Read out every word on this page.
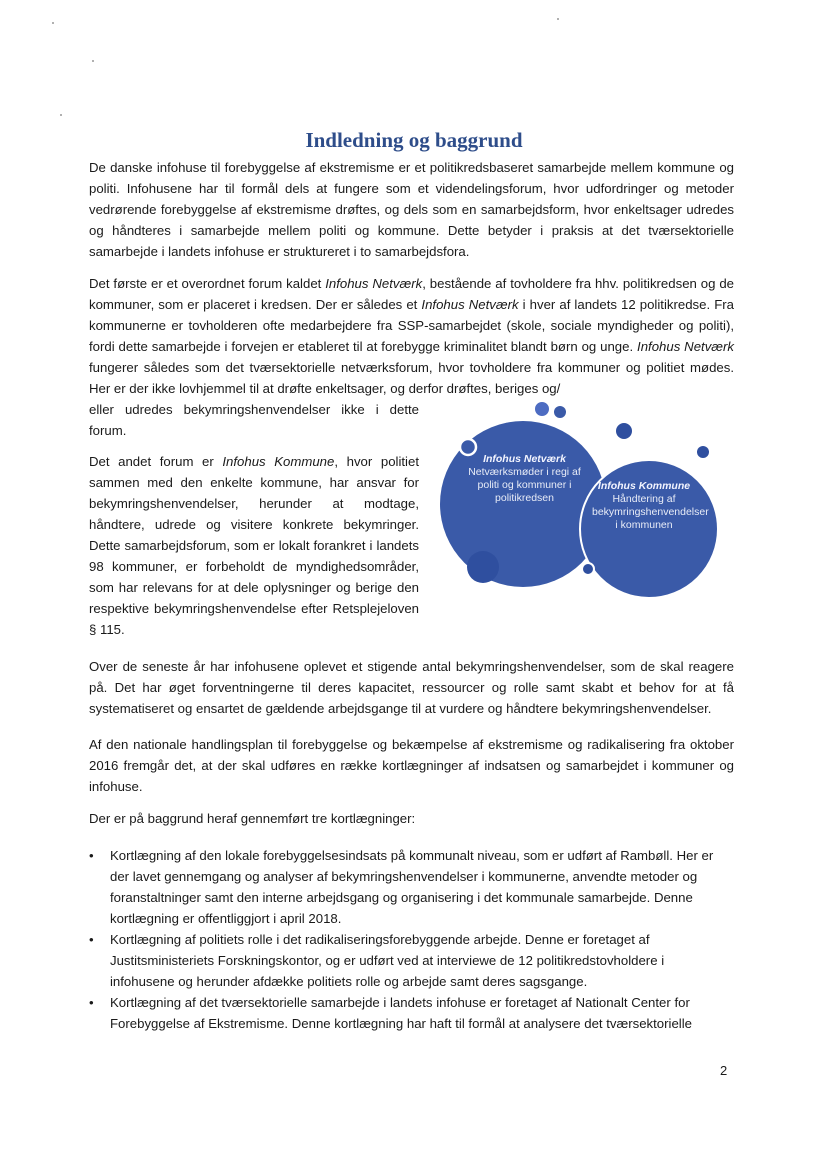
Indledning og baggrund

De danske infohuse til forebyggelse af ekstremisme er et politikredsbaseret samarbejde mellem kommune og politi. Infohusene har til formål dels at fungere som et videndelingsforum, hvor udfordringer og metoder vedrørende forebyggelse af ekstremisme drøftes, og dels som en samarbejdsform, hvor enkeltsager udredes og håndteres i samarbejde mellem politi og kommune. Dette betyder i praksis at det tværsektorielle samarbejde i landets infohuse er struktureret i to samarbejdsfora.

Det første er et overordnet forum kaldet Infohus Netværk, bestående af tovholdere fra hhv. politikredsen og de kommuner, som er placeret i kredsen. Der er således et Infohus Netværk i hver af landets 12 politikredse. Fra kommunerne er tovholderen ofte medarbejdere fra SSP-samarbejdet (skole, sociale myndigheder og politi), fordi dette samarbejde i forvejen er etableret til at forebygge kriminalitet blandt børn og unge. Infohus Netværk fungerer således som det tværsektorielle netværksforum, hvor tovholdere fra kommuner og politiet mødes. Her er der ikke lovhjemmel til at drøfte enkeltsager, og derfor drøftes, beriges og/

eller udredes bekymringshenvendelser ikke i dette forum.

Det andet forum er Infohus Kommune, hvor politiet sammen med den enkelte kommune, har ansvar for bekymringshenvendelser, herunder at modtage, håndtere, udrede og visitere konkrete bekymringer. Dette samarbejdsforum, som er lokalt forankret i landets 98 kommuner, er forbeholdt de myndighedsområder, som har relevans for at dele oplysninger og berige den respektive bekymringshenvendelse efter Retsplejeloven § 115.

Infohus Netværk
Netværksmøder i regi af politi og kommuner i politikredsen
Infohus Kommune
Håndtering af bekymringshenvendelser i kommunen

Over de seneste år har infohusene oplevet et stigende antal bekymringshenvendelser, som de skal reagere på. Det har øget forventningerne til deres kapacitet, ressourcer og rolle samt skabt et behov for at få systematiseret og ensartet de gældende arbejdsgange til at vurdere og håndtere bekymringshenvendelser.

Af den nationale handlingsplan til forebyggelse og bekæmpelse af ekstremisme og radikalisering fra oktober 2016 fremgår det, at der skal udføres en række kortlægninger af indsatsen og samarbejdet i kommuner og infohuse.

Der er på baggrund heraf gennemført tre kortlægninger:

• Kortlægning af den lokale forebyggelsesindsats på kommunalt niveau, som er udført af Rambøll. Her er der lavet gennemgang og analyser af bekymringshenvendelser i kommunerne, anvendte metoder og foranstaltninger samt den interne arbejdsgang og organisering i det kommunale samarbejde. Denne kortlægning er offentliggjort i april 2018.
• Kortlægning af politiets rolle i det radikaliseringsforebyggende arbejde. Denne er foretaget af Justitsministeriets Forskningskontor, og er udført ved at interviewe de 12 politikredstovholdere i infohusene og herunder afdække politiets rolle og arbejde samt deres sagsgange.
• Kortlægning af det tværsektorielle samarbejde i landets infohuse er foretaget af Nationalt Center for Forebyggelse af Ekstremisme. Denne kortlægning har haft til formål at analysere det tværsektorielle
2
